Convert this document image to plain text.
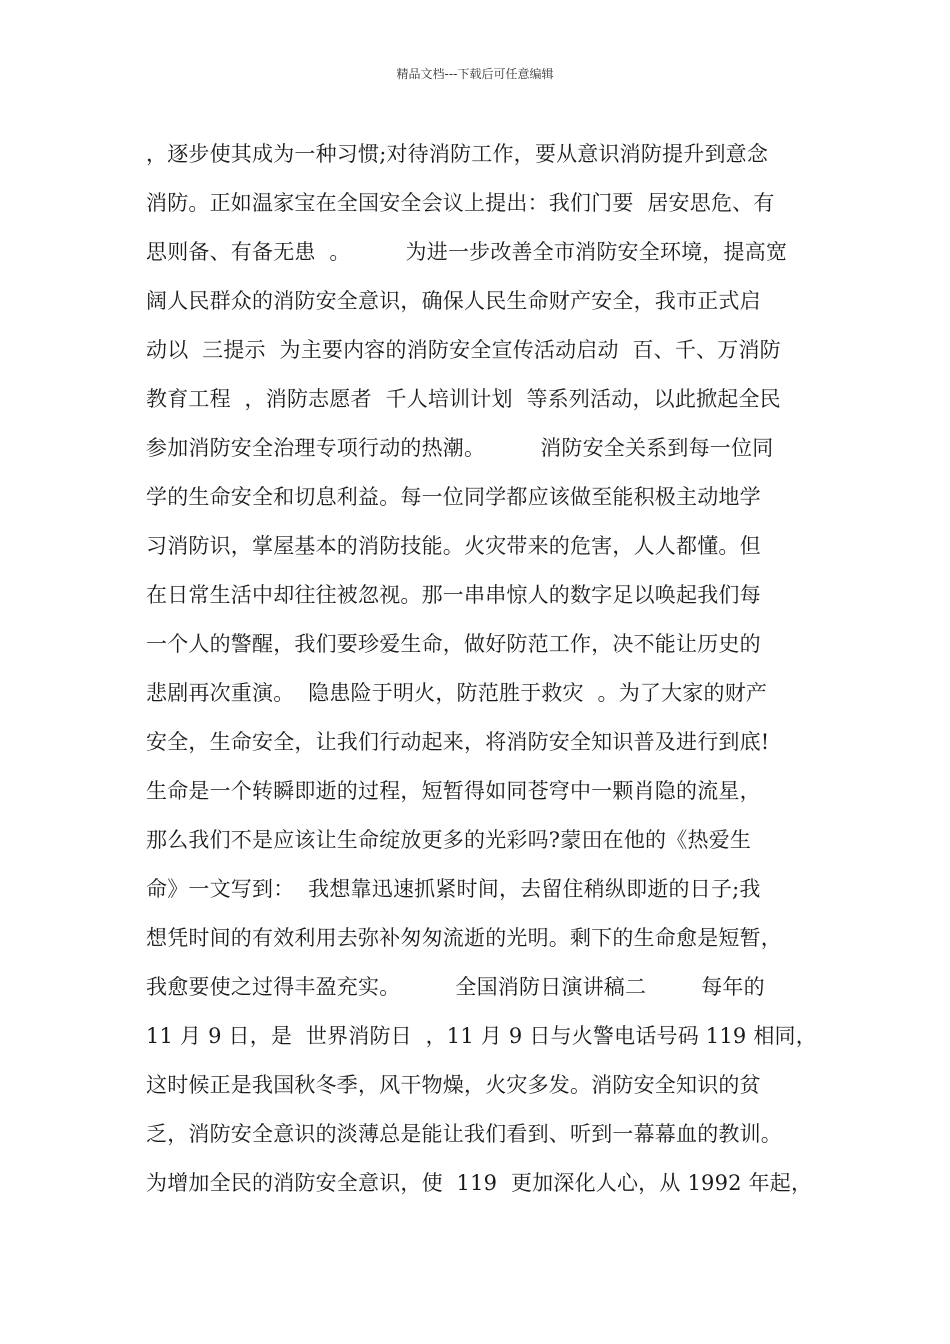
精品文档---下载后可任意编辑
，逐步使其成为一种习惯;对待消防工作，要从意识消防提升到意念
消防。正如温家宝在全国安全会议上提出：我们门要  居安思危、有
思则备、有备无患  。        为进一步改善全市消防安全环境，提高宽
阔人民群众的消防安全意识，确保人民生命财产安全，我市正式启
动以  三提示  为主要内容的消防安全宣传活动启动  百、千、万消防
教育工程  ，消防志愿者  千人培训计划  等系列活动，以此掀起全民
参加消防安全治理专项行动的热潮。        消防安全关系到每一位同
学的生命安全和切息利益。每一位同学都应该做至能积极主动地学
习消防识，掌屋基本的消防技能。火灾带来的危害，人人都懂。但
在日常生活中却往往被忽视。那一串串惊人的数字足以唤起我们每
一个人的警醒，我们要珍爱生命，做好防范工作，决不能让历史的
悲剧再次重演。  隐患险于明火，防范胜于救灾  。为了大家的财产
安全，生命安全，让我们行动起来，将消防安全知识普及进行到底!
生命是一个转瞬即逝的过程，短暂得如同苍穹中一颗肖隐的流星，
那么我们不是应该让生命绽放更多的光彩吗?蒙田在他的《热爱生
命》一文写到：  我想靠迅速抓紧时间，去留住稍纵即逝的日子;我
想凭时间的有效利用去弥补匆匆流逝的光明。剩下的生命愈是短暂，
我愈要使之过得丰盈充实。        全国消防日演讲稿二        每年的
11 月 9 日，是  世界消防日  ，11 月 9 日与火警电话号码 119 相同，
这时候正是我国秋冬季，风干物燥，火灾多发。消防安全知识的贫
乏，消防安全意识的淡薄总是能让我们看到、听到一幕幕血的教训。
为增加全民的消防安全意识，使  119  更加深化人心，从 1992 年起，
